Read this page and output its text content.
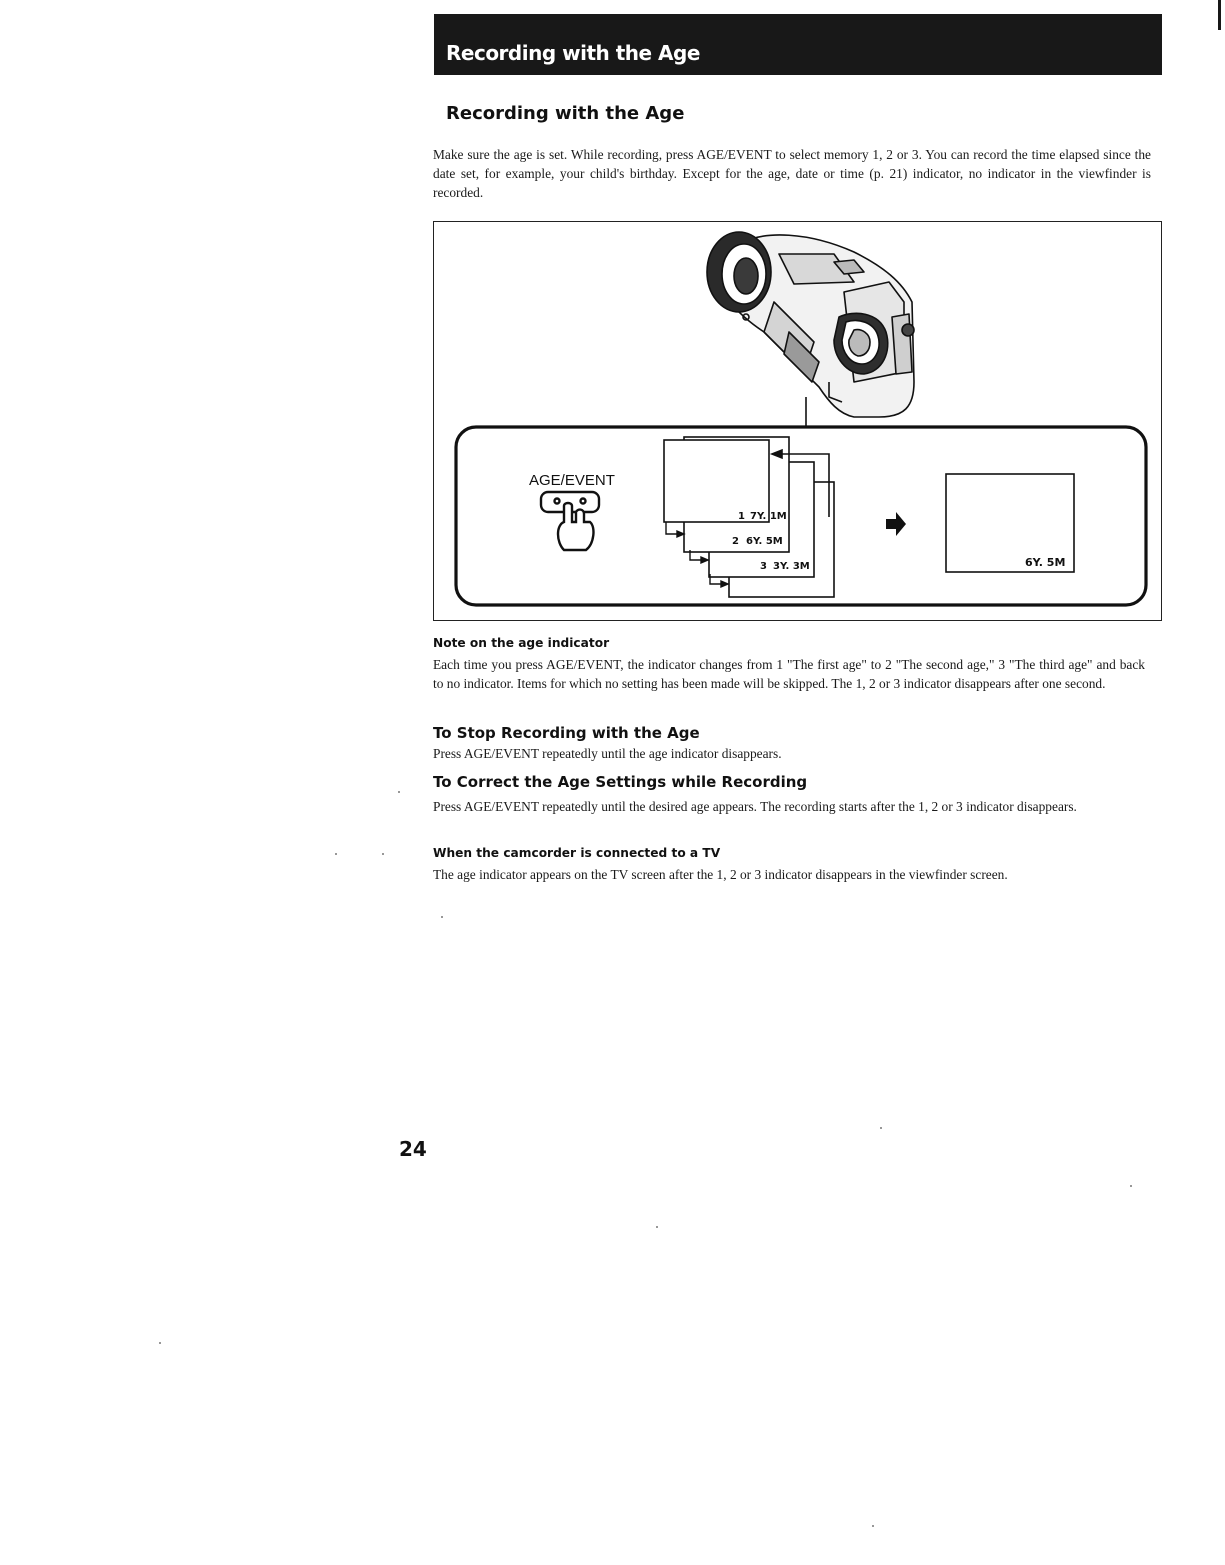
Recording with the Age
Recording with the Age
Make sure the age is set. While recording, press AGE/EVENT to select memory 1, 2 or 3. You can record the time elapsed since the date set, for example, your child's birthday. Except for the age, date or time (p. 21) indicator, no indicator in the viewfinder is recorded.
AGE/EVENT
1 7Y. 1M
2 6Y. 5M
3 3Y. 3M	6Y. 5M
Note on the age indicator
Each time you press AGE/EVENT, the indicator changes from 1 "The first age" to 2 "The second age," 3 "The third age" and back to no indicator. Items for which no setting has been made will be skipped. The 1, 2 or 3 indicator disappears after one second.
To Stop Recording with the Age
Press AGE/EVENT repeatedly until the age indicator disappears.
To Correct the Age Settings while Recording
Press AGE/EVENT repeatedly until the desired age appears. The recording starts after the 1, 2 or 3 indicator disappears.
When the camcorder is connected to a TV
The age indicator appears on the TV screen after the 1, 2 or 3 indicator disappears in the viewfinder screen.
24
